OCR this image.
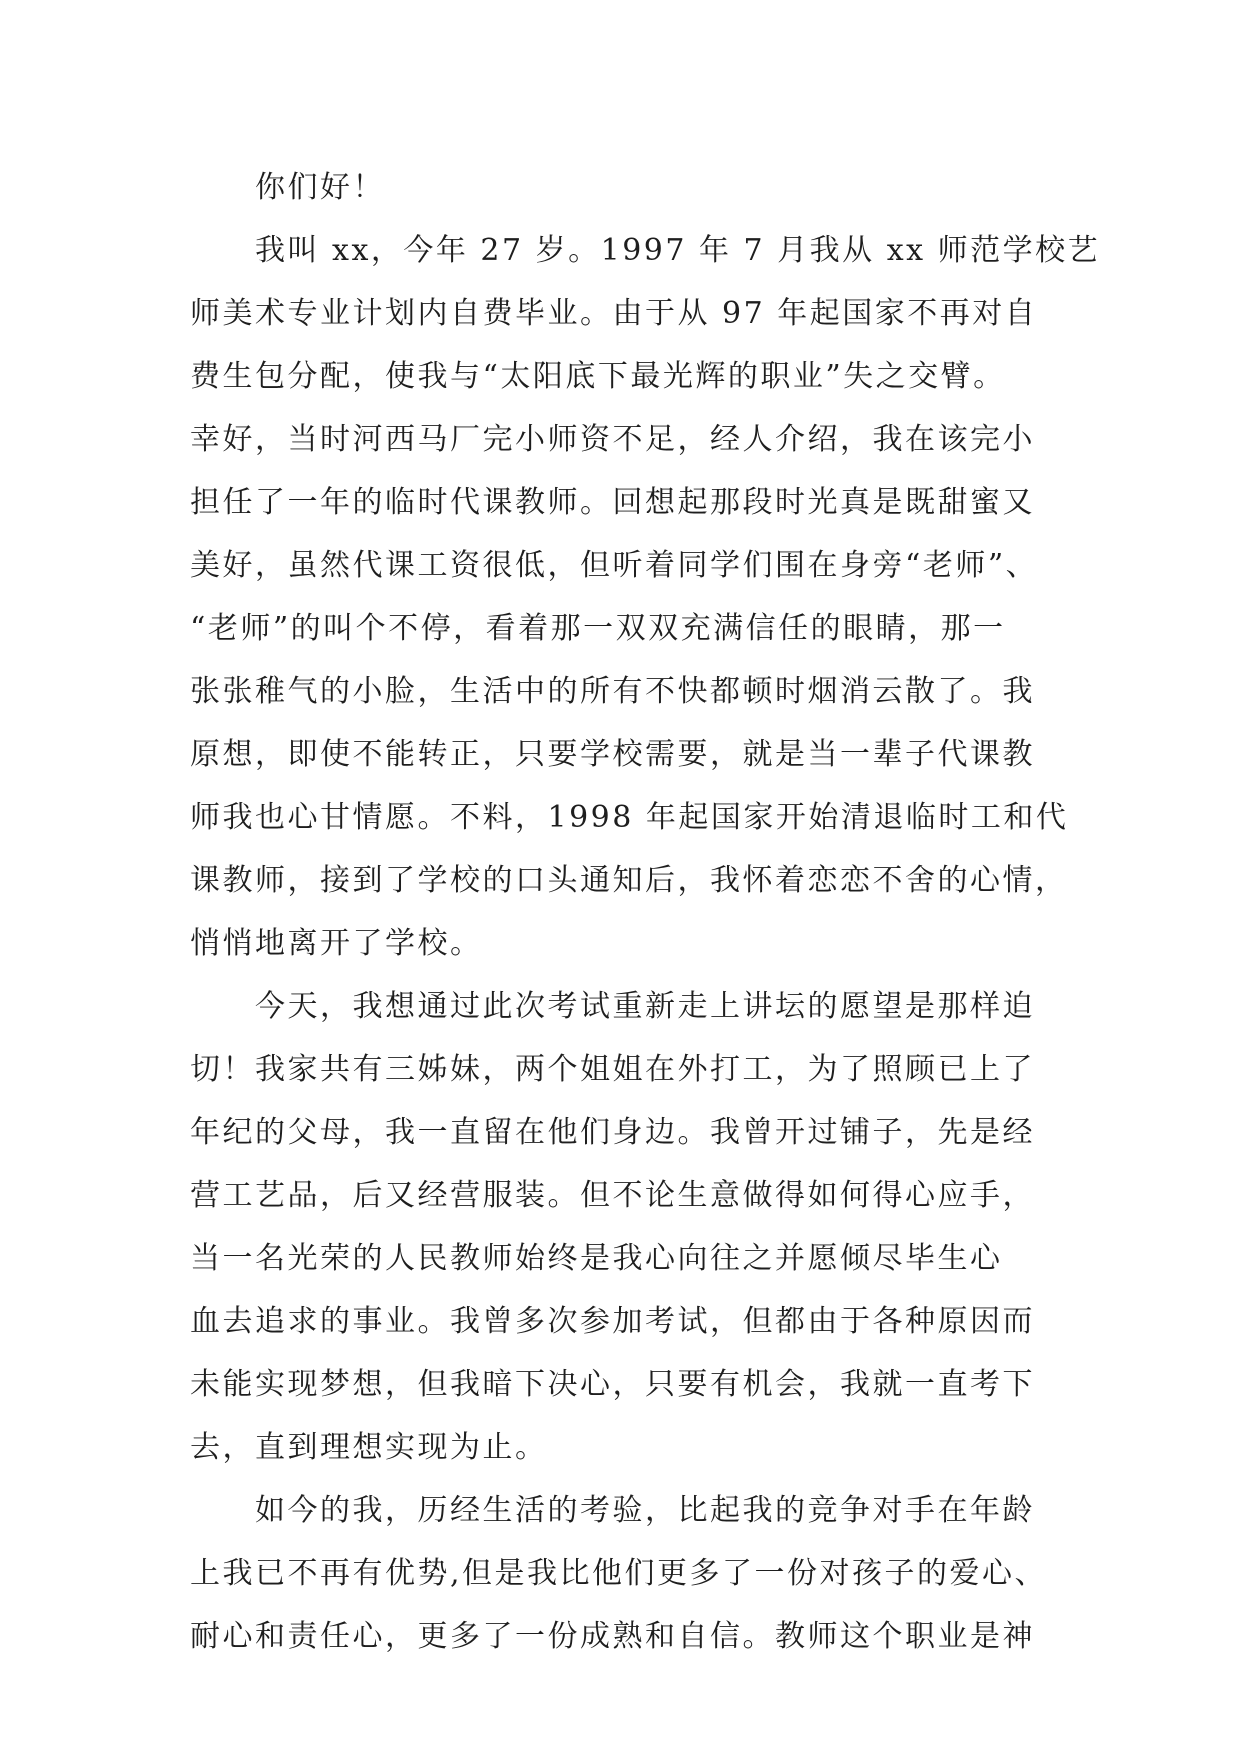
你们好！
我叫 xx，今年 27 岁。1997 年 7 月我从 xx 师范学校艺
师美术专业计划内自费毕业。由于从 97 年起国家不再对自
费生包分配，使我与“太阳底下最光辉的职业”失之交臂。
幸好，当时河西马厂完小师资不足，经人介绍，我在该完小
担任了一年的临时代课教师。回想起那段时光真是既甜蜜又
美好，虽然代课工资很低，但听着同学们围在身旁“老师”、
“老师”的叫个不停，看着那一双双充满信任的眼睛，那一
张张稚气的小脸，生活中的所有不快都顿时烟消云散了。我
原想，即使不能转正，只要学校需要，就是当一辈子代课教
师我也心甘情愿。不料，1998 年起国家开始清退临时工和代
课教师，接到了学校的口头通知后，我怀着恋恋不舍的心情，
悄悄地离开了学校。
今天，我想通过此次考试重新走上讲坛的愿望是那样迫
切！我家共有三姊妹，两个姐姐在外打工，为了照顾已上了
年纪的父母，我一直留在他们身边。我曾开过铺子，先是经
营工艺品，后又经营服装。但不论生意做得如何得心应手，
当一名光荣的人民教师始终是我心向往之并愿倾尽毕生心
血去追求的事业。我曾多次参加考试，但都由于各种原因而
未能实现梦想，但我暗下决心，只要有机会，我就一直考下
去，直到理想实现为止。
如今的我，历经生活的考验，比起我的竞争对手在年龄
上我已不再有优势,但是我比他们更多了一份对孩子的爱心、
耐心和责任心，更多了一份成熟和自信。教师这个职业是神
